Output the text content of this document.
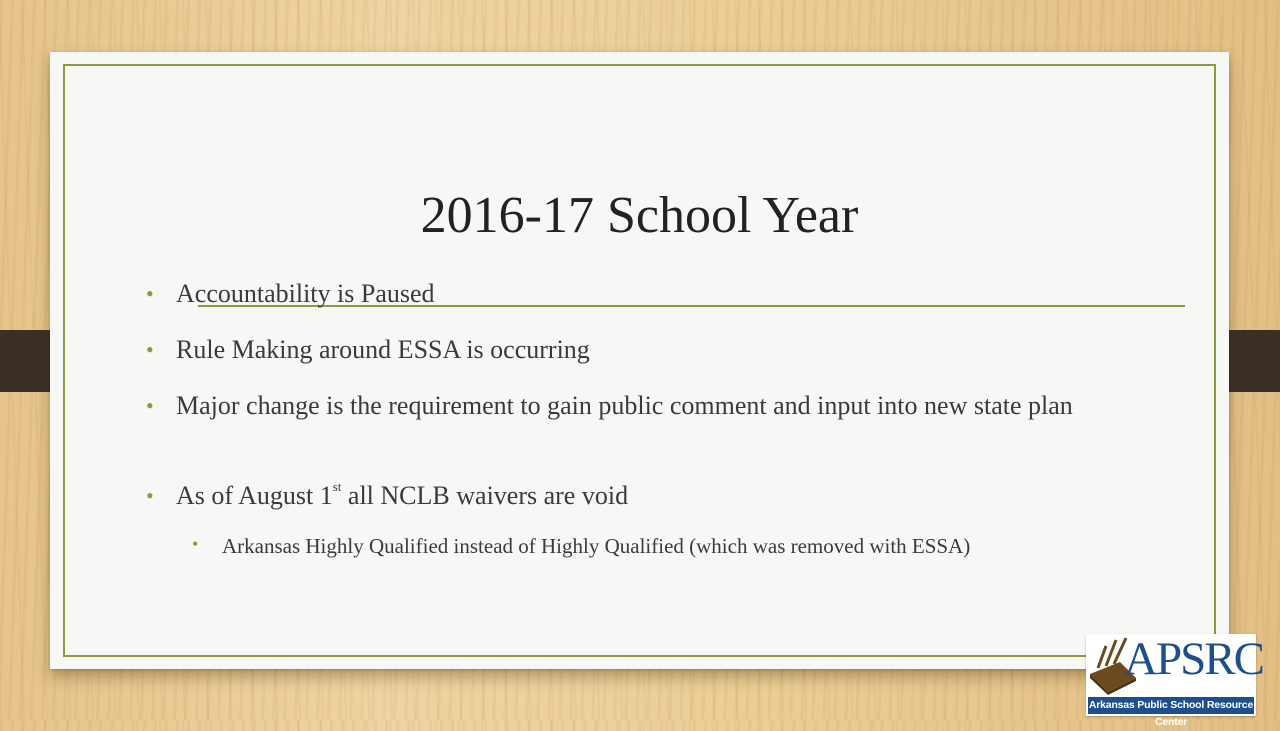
2016-17 School Year
• Accountability is Paused
• Rule Making around ESSA is occurring
• Major change is the requirement to gain public comment and input into new state plan
• As of August 1st all NCLB waivers are void
• Arkansas Highly Qualified instead of Highly Qualified (which was removed with ESSA)
APSRC
Arkansas Public School Resource Center
